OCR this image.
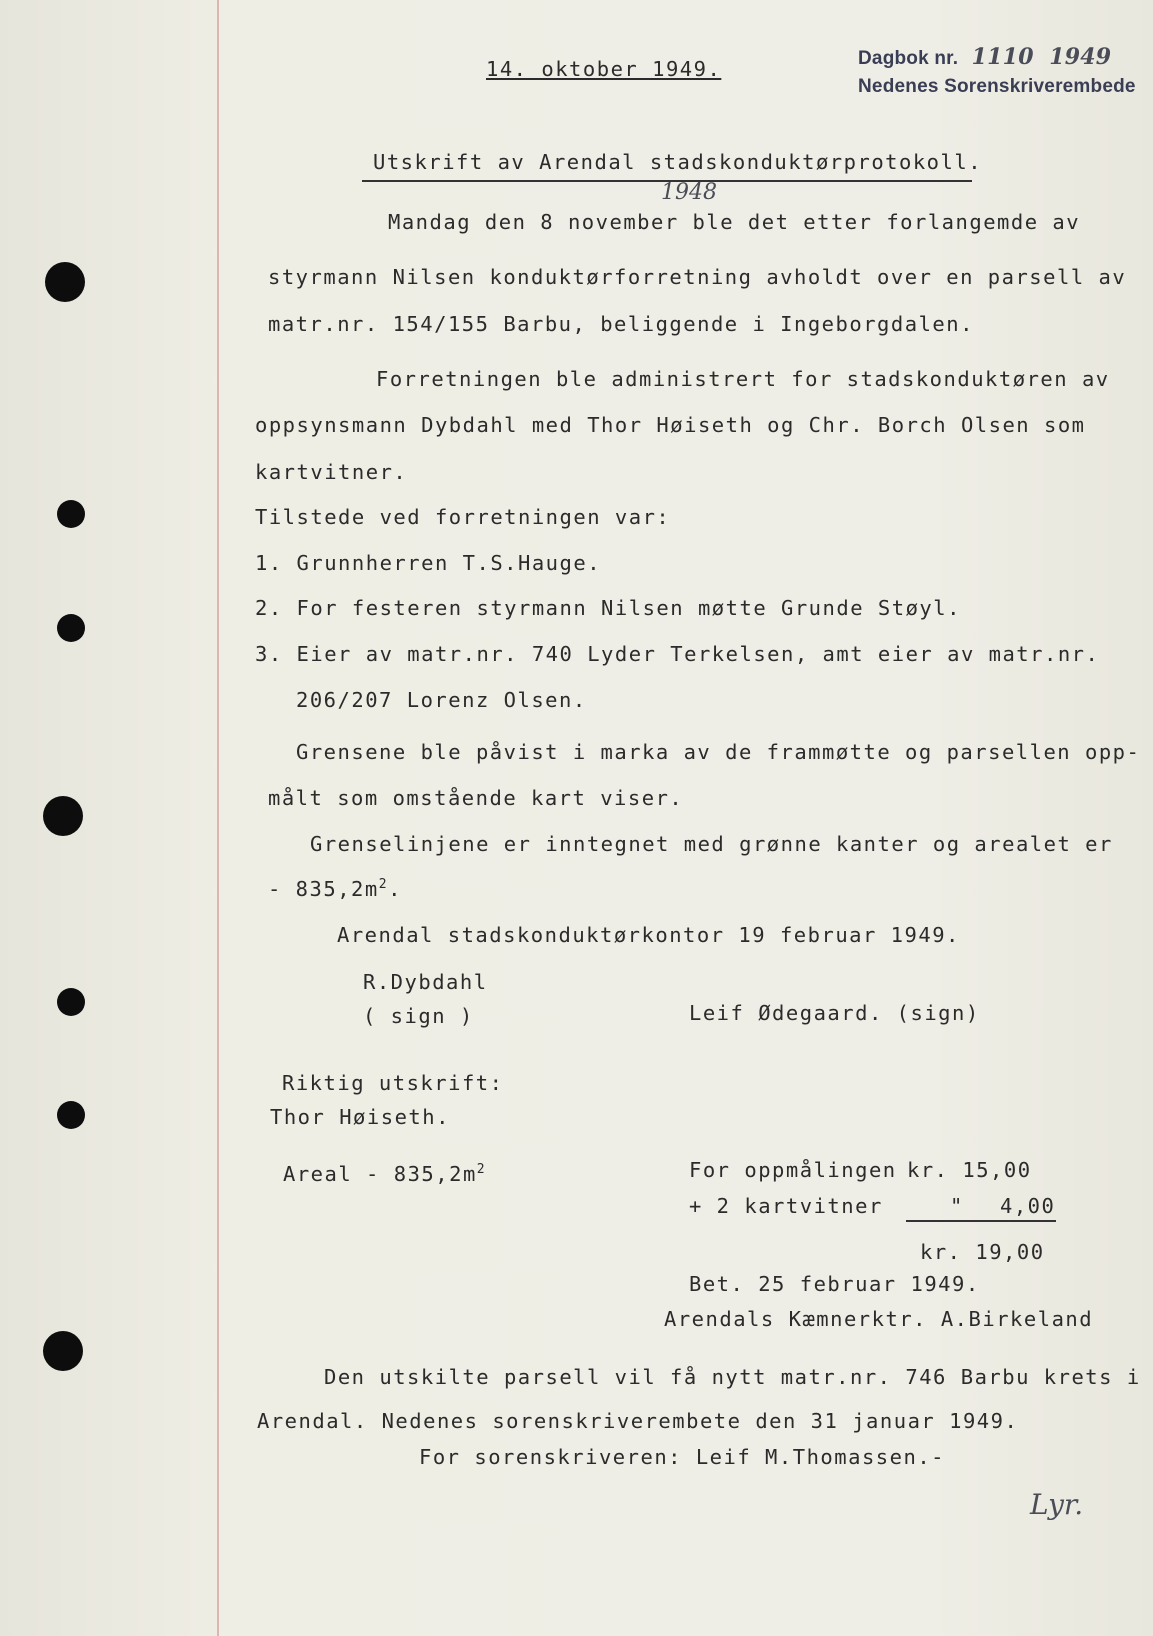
14. oktober 1949.	Dagbok nr. 1110 1949
Nedenes Sorenskriverembede
Utskrift av Arendal stadskonduktørprotokoll.
1948
Mandag den 8 november ble det etter forlangemde av
styrmann Nilsen konduktørforretning avholdt over en parsell av
matr.nr. 154/155 Barbu, beliggende i Ingeborgdalen.
Forretningen ble administrert for stadskonduktøren av
oppsynsmann Dybdahl med Thor Høiseth og Chr. Borch Olsen som
kartvitner.
Tilstede ved forretningen var:
1. Grunnherren T.S.Hauge.
2. For festeren styrmann Nilsen møtte Grunde Støyl.
3. Eier av matr.nr. 740 Lyder Terkelsen, amt eier av matr.nr.
206/207 Lorenz Olsen.
Grensene ble påvist i marka av de frammøtte og parsellen opp-
målt som omstående kart viser.
Grenselinjene er inntegnet med grønne kanter og arealet er
- $835,2m^2$.
Arendal stadskonduktørkontor 19 februar 1949.
R.Dybdahl
( sign )	Leif Ødegaard. (sign)
Riktig utskrift:
Thor Høiseth.
Areal - $835,2m^2$	For oppmålingen kr. 15,00
+ 2 kartvitner	" 4,00
kr. 19,00
Bet. 25 februar 1949.
Arendals Kæmnerktr. A.Birkeland
Den utskilte parsell vil få nytt matr.nr. 746 Barbu krets i
Arendal. Nedenes sorenskriverembete den 31 januar 1949.
For sorenskriveren: Leif M.Thomassen.-
Lyr.
